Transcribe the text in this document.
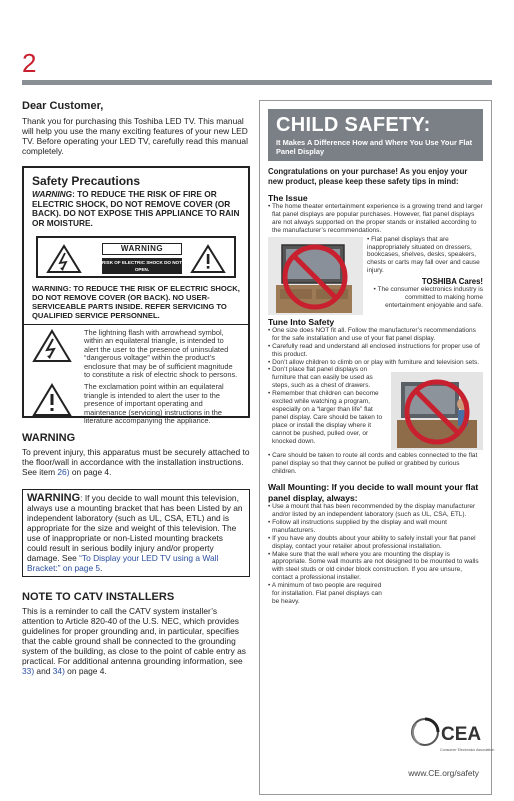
2
Dear Customer,
Thank you for purchasing this Toshiba LED TV. This manual will help you use the many exciting features of your new LED TV. Before operating your LED TV, carefully read this manual completely.
Safety Precautions
WARNING: TO REDUCE THE RISK OF FIRE OR ELECTRIC SHOCK, DO NOT REMOVE COVER (OR BACK). DO NOT EXPOSE THIS APPLIANCE TO RAIN OR MOISTURE.
WARNING
RISK OF ELECTRIC SHOCK DO NOT OPEN.
WARNING: TO REDUCE THE RISK OF ELECTRIC SHOCK, DO NOT REMOVE COVER (OR BACK). NO USER-SERVICEABLE PARTS INSIDE. REFER SERVICING TO QUALIFIED SERVICE PERSONNEL.
The lightning flash with arrowhead symbol, within an equilateral triangle, is intended to alert the user to the presence of uninsulated “dangerous voltage” within the product’s enclosure that may be of sufficient magnitude to constitute a risk of electric shock to persons.
The exclamation point within an equilateral triangle is intended to alert the user to the presence of important operating and maintenance (servicing) instructions in the literature accompanying the appliance.
WARNING
To prevent injury, this apparatus must be securely attached to the floor/wall in accordance with the installation instructions. See item 26) on page 4.
WARNING: If you decide to wall mount this television, always use a mounting bracket that has been Listed by an independent laboratory (such as UL, CSA, ETL) and is appropriate for the size and weight of this television. The use of inappropriate or non-Listed mounting brackets could result in serious bodily injury and/or property damage. See “To Display your LED TV using a Wall Bracket:” on page 5.
NOTE TO CATV INSTALLERS
This is a reminder to call the CATV system installer’s attention to Article 820-40 of the U.S. NEC, which provides guidelines for proper grounding and, in particular, specifies that the cable ground shall be connected to the grounding system of the building, as close to the point of cable entry as practical. For additional antenna grounding information, see 33) and 34) on page 4.
CHILD SAFETY:
It Makes A Difference How and Where You Use Your Flat Panel Display
Congratulations on your purchase! As you enjoy your new product, please keep these safety tips in mind:
The Issue
• The home theater entertainment experience is a growing trend and larger flat panel displays are popular purchases. However, flat panel displays are not always supported on the proper stands or installed according to the manufacturer’s recommendations.
• Flat panel displays that are inappropriately situated on dressers, bookcases, shelves, desks, speakers, chests or carts may fall over and cause injury.
TOSHIBA Cares!
• The consumer electronics industry is committed to making home entertainment enjoyable and safe.
Tune Into Safety
• One size does NOT fit all. Follow the manufacturer’s recommendations for the safe installation and use of your flat panel display.
• Carefully read and understand all enclosed instructions for proper use of this product.
• Don’t allow children to climb on or play with furniture and television sets.
• Don’t place flat panel displays on furniture that can easily be used as steps, such as a chest of drawers.
• Remember that children can become excited while watching a program, especially on a “larger than life” flat panel display. Care should be taken to place or install the display where it cannot be pushed, pulled over, or knocked down.
• Care should be taken to route all cords and cables connected to the flat panel display so that they cannot be pulled or grabbed by curious children.
Wall Mounting: If you decide to wall mount your flat panel display, always:
• Use a mount that has been recommended by the display manufacturer and/or listed by an independent laboratory (such as UL, CSA, ETL).
• Follow all instructions supplied by the display and wall mount manufacturers.
• If you have any doubts about your ability to safely install your flat panel display, contact your retailer about professional installation.
• Make sure that the wall where you are mounting the display is appropriate. Some wall mounts are not designed to be mounted to walls with steel studs or old cinder block construction. If you are unsure, contact a professional installer.
• A minimum of two people are required for installation. Flat panel displays can be heavy.
CEA
Consumer Electronics Association
www.CE.org/safety
